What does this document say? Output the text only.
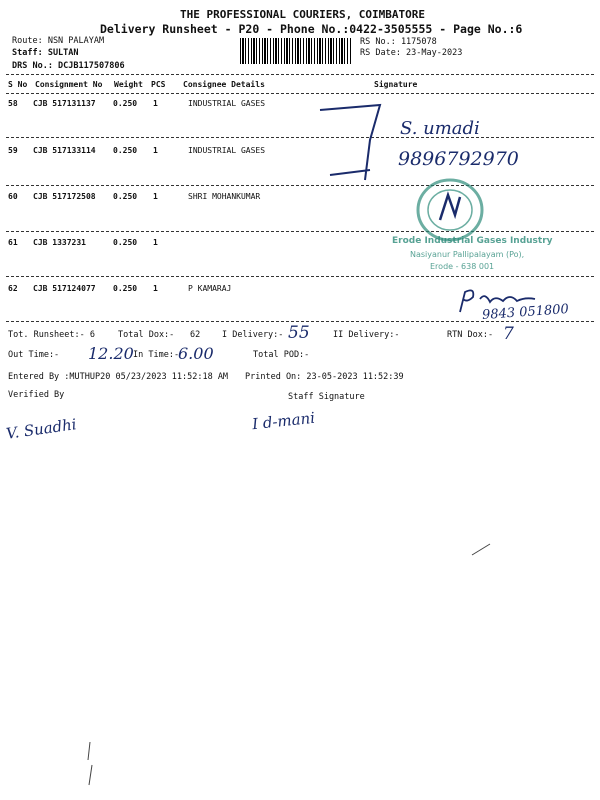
THE PROFESSIONAL COURIERS, COIMBATORE
Delivery Runsheet - P20 - Phone No.:0422-3505555 - Page No.:6
Route: NSN PALAYAM
Staff: SULTAN
DRS No.: DCJB117507806
RS No.: 1175078
RS Date: 23-May-2023
S No Consignment No Weight PCS Consignee Details	Signature
58 CJB 517131137 0.250 1	INDUSTRIAL GASES
59 CJB 517133114 0.250 1	INDUSTRIAL GASES
60 CJB 517172508 0.250 1	SHRI MOHANKUMAR
61 CJB 1337231	0.250 1
62 CJB 517124077 0.250 1	P KAMARAJ
S. umadi
9896792970
Erode Industrial Gases Industry
Nasiyanur Pallipalayam (Po),
Erode - 638 001
9843 051800
Tot. Runsheet:- 6	Total Dox:- 62	I Delivery:- 55	II Delivery:-	RTN Dox:- 7
Out Time:- 12.20 In Time:-
6.00	Total POD:-
Entered By :MUTHUP20 05/23/2023 11:52:18 AM Printed On: 23-05-2023 11:52:39
Verified By	Staff Signature
V. Suadhi	I d-mani
